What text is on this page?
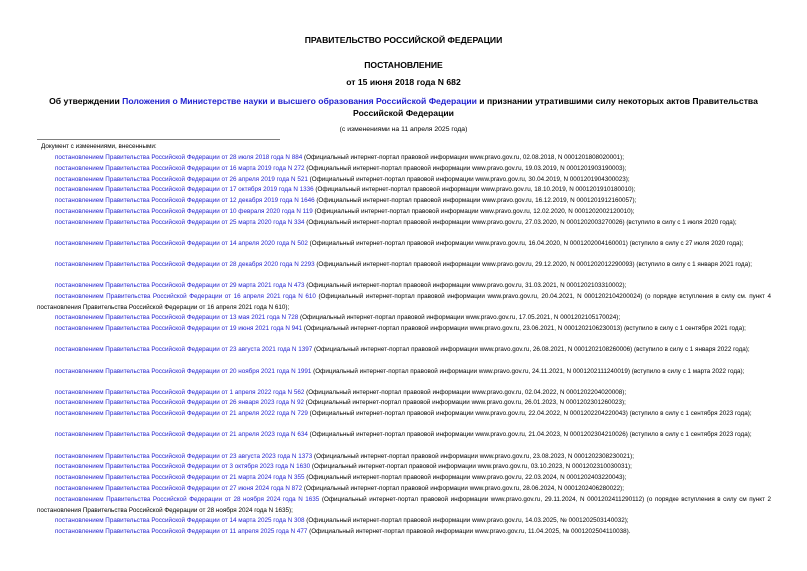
ПРАВИТЕЛЬСТВО РОССИЙСКОЙ ФЕДЕРАЦИИ
ПОСТАНОВЛЕНИЕ
от 15 июня 2018 года N 682
Об утверждении Положения о Министерстве науки и высшего образования Российской Федерации и признании утратившими силу некоторых актов Правительства Российской Федерации
(с изменениями на 11 апреля 2025 года)
Документ с изменениями, внесенными:
постановлением Правительства Российской Федерации от 28 июля 2018 года N 884 (Официальный интернет-портал правовой информации www.pravo.gov.ru, 02.08.2018, N 0001201808020001);
постановлением Правительства Российской Федерации от 16 марта 2019 года N 272 (Официальный интернет-портал правовой информации www.pravo.gov.ru, 19.03.2019, N 0001201903190003);
постановлением Правительства Российской Федерации от 26 апреля 2019 года N 521 (Официальный интернет-портал правовой информации www.pravo.gov.ru, 30.04.2019, N 0001201904300023);
постановлением Правительства Российской Федерации от 17 октября 2019 года N 1336 (Официальный интернет-портал правовой информации www.pravo.gov.ru, 18.10.2019, N 0001201910180010);
постановлением Правительства Российской Федерации от 12 декабря 2019 года N 1646 (Официальный интернет-портал правовой информации www.pravo.gov.ru, 16.12.2019, N 0001201912160057);
постановлением Правительства Российской Федерации от 10 февраля 2020 года N 119 (Официальный интернет-портал правовой информации www.pravo.gov.ru, 12.02.2020, N 0001202002120010);
постановлением Правительства Российской Федерации от 25 марта 2020 года N 334 (Официальный интернет-портал правовой информации www.pravo.gov.ru, 27.03.2020, N 0001202003270026) (вступило в силу с 1 июля 2020 года);
постановлением Правительства Российской Федерации от 14 апреля 2020 года N 502 (Официальный интернет-портал правовой информации www.pravo.gov.ru, 16.04.2020, N 0001202004160001) (вступило в силу с 27 июля 2020 года);
постановлением Правительства Российской Федерации от 28 декабря 2020 года N 2293 (Официальный интернет-портал правовой информации www.pravo.gov.ru, 29.12.2020, N 0001202012290093) (вступило в силу с 1 января 2021 года);
постановлением Правительства Российской Федерации от 29 марта 2021 года N 473 (Официальный интернет-портал правовой информации www.pravo.gov.ru, 31.03.2021, N 0001202103310002);
постановлением Правительства Российской Федерации от 16 апреля 2021 года N 610 (Официальный интернет-портал правовой информации www.pravo.gov.ru, 20.04.2021, N 0001202104200024) (о порядке вступления в силу см. пункт 4 постановления Правительства Российской Федерации от 16 апреля 2021 года N 610);
постановлением Правительства Российской Федерации от 13 мая 2021 года N 728 (Официальный интернет-портал правовой информации www.pravo.gov.ru, 17.05.2021, N 0001202105170024);
постановлением Правительства Российской Федерации от 19 июня 2021 года N 941 (Официальный интернет-портал правовой информации www.pravo.gov.ru, 23.06.2021, N 0001202106230013) (вступило в силу с 1 сентября 2021 года);
постановлением Правительства Российской Федерации от 23 августа 2021 года N 1397 (Официальный интернет-портал правовой информации www.pravo.gov.ru, 26.08.2021, N 0001202108260006) (вступило в силу с 1 января 2022 года);
постановлением Правительства Российской Федерации от 20 ноября 2021 года N 1991 (Официальный интернет-портал правовой информации www.pravo.gov.ru, 24.11.2021, N 0001202111240019) (вступило в силу с 1 марта 2022 года);
постановлением Правительства Российской Федерации от 1 апреля 2022 года N 562 (Официальный интернет-портал правовой информации www.pravo.gov.ru, 02.04.2022, N 0001202204020008);
постановлением Правительства Российской Федерации от 26 января 2023 года N 92 (Официальный интернет-портал правовой информации www.pravo.gov.ru, 26.01.2023, N 0001202301260023);
постановлением Правительства Российской Федерации от 21 апреля 2022 года N 729 (Официальный интернет-портал правовой информации www.pravo.gov.ru, 22.04.2022, N 0001202204220043) (вступило в силу с 1 сентября 2023 года);
постановлением Правительства Российской Федерации от 21 апреля 2023 года N 634 (Официальный интернет-портал правовой информации www.pravo.gov.ru, 21.04.2023, N 0001202304210026) (вступило в силу с 1 сентября 2023 года);
постановлением Правительства Российской Федерации от 23 августа 2023 года N 1373 (Официальный интернет-портал правовой информации www.pravo.gov.ru, 23.08.2023, N 0001202308230021);
постановлением Правительства Российской Федерации от 3 октября 2023 года N 1630 (Официальный интернет-портал правовой информации www.pravo.gov.ru, 03.10.2023, N 0001202310030031);
постановлением Правительства Российской Федерации от 21 марта 2024 года N 355 (Официальный интернет-портал правовой информации www.pravo.gov.ru, 22.03.2024, N 0001202403220043);
постановлением Правительства Российской Федерации от 27 июня 2024 года N 872 (Официальный интернет-портал правовой информации www.pravo.gov.ru, 28.06.2024, N 0001202406280022);
постановлением Правительства Российской Федерации от 28 ноября 2024 года N 1635 (Официальный интернет-портал правовой информации www.pravo.gov.ru, 29.11.2024, N 0001202411290112) (о порядке вступления в силу см пункт 2 постановления Правительства Российской Федерации от 28 ноября 2024 года N 1635);
постановлением Правительства Российской Федерации от 14 марта 2025 года N 308 (Официальный интернет-портал правовой информации www.pravo.gov.ru, 14.03.2025, № 0001202503140032);
постановлением Правительства Российской Федерации от 11 апреля 2025 года N 477 (Официальный интернет-портал правовой информации www.pravo.gov.ru, 11.04.2025, № 0001202504110038).
